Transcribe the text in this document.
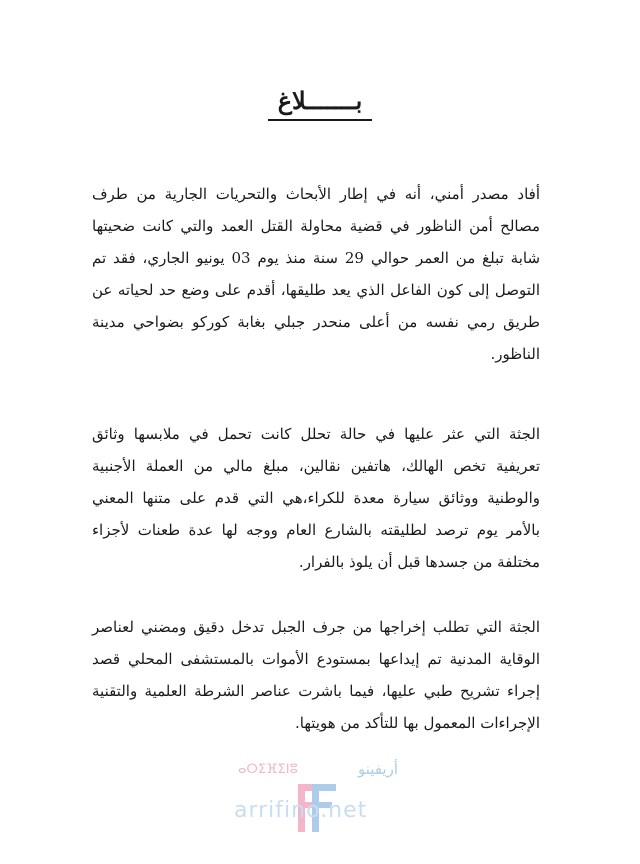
بـــــــلاغ
أفاد مصدر أمني، أنه في إطار الأبحاث والتحريات الجارية من طرف مصالح أمن الناظور في قضية محاولة القتل العمد والتي كانت ضحيتها شابة تبلغ من العمر حوالي 29 سنة منذ يوم 03 يونيو الجاري، فقد تم التوصل إلى كون الفاعل الذي يعد طليقها، أقدم على وضع حد لحياته عن طريق رمي نفسه من أعلى منحدر جبلي بغابة كوركو بضواحي مدينة الناظور.
الجثة التي عثر عليها في حالة تحلل كانت تحمل في ملابسها وثائق تعريفية تخص الهالك، هاتفين نقالين، مبلغ مالي من العملة الأجنبية والوطنية ووثائق سيارة معدة للكراء،هي التي قدم على متنها المعني بالأمر يوم ترصد لطليقته بالشارع العام ووجه لها عدة طعنات لأجزاء مختلفة من جسدها قبل أن يلوذ بالفرار.
الجثة التي تطلب إخراجها من جرف الجبل تدخل دقيق ومضني لعناصر الوقاية المدنية تم إيداعها بمستودع الأموات بالمستشفى المحلي قصد إجراء تشريح طبي عليها، فيما باشرت عناصر الشرطة العلمية والتقنية الإجراءات المعمول بها للتأكد من هويتها.
ⴰⵔⵉⴼⵉⵏⵓ	أريفينو
arrifino.net
